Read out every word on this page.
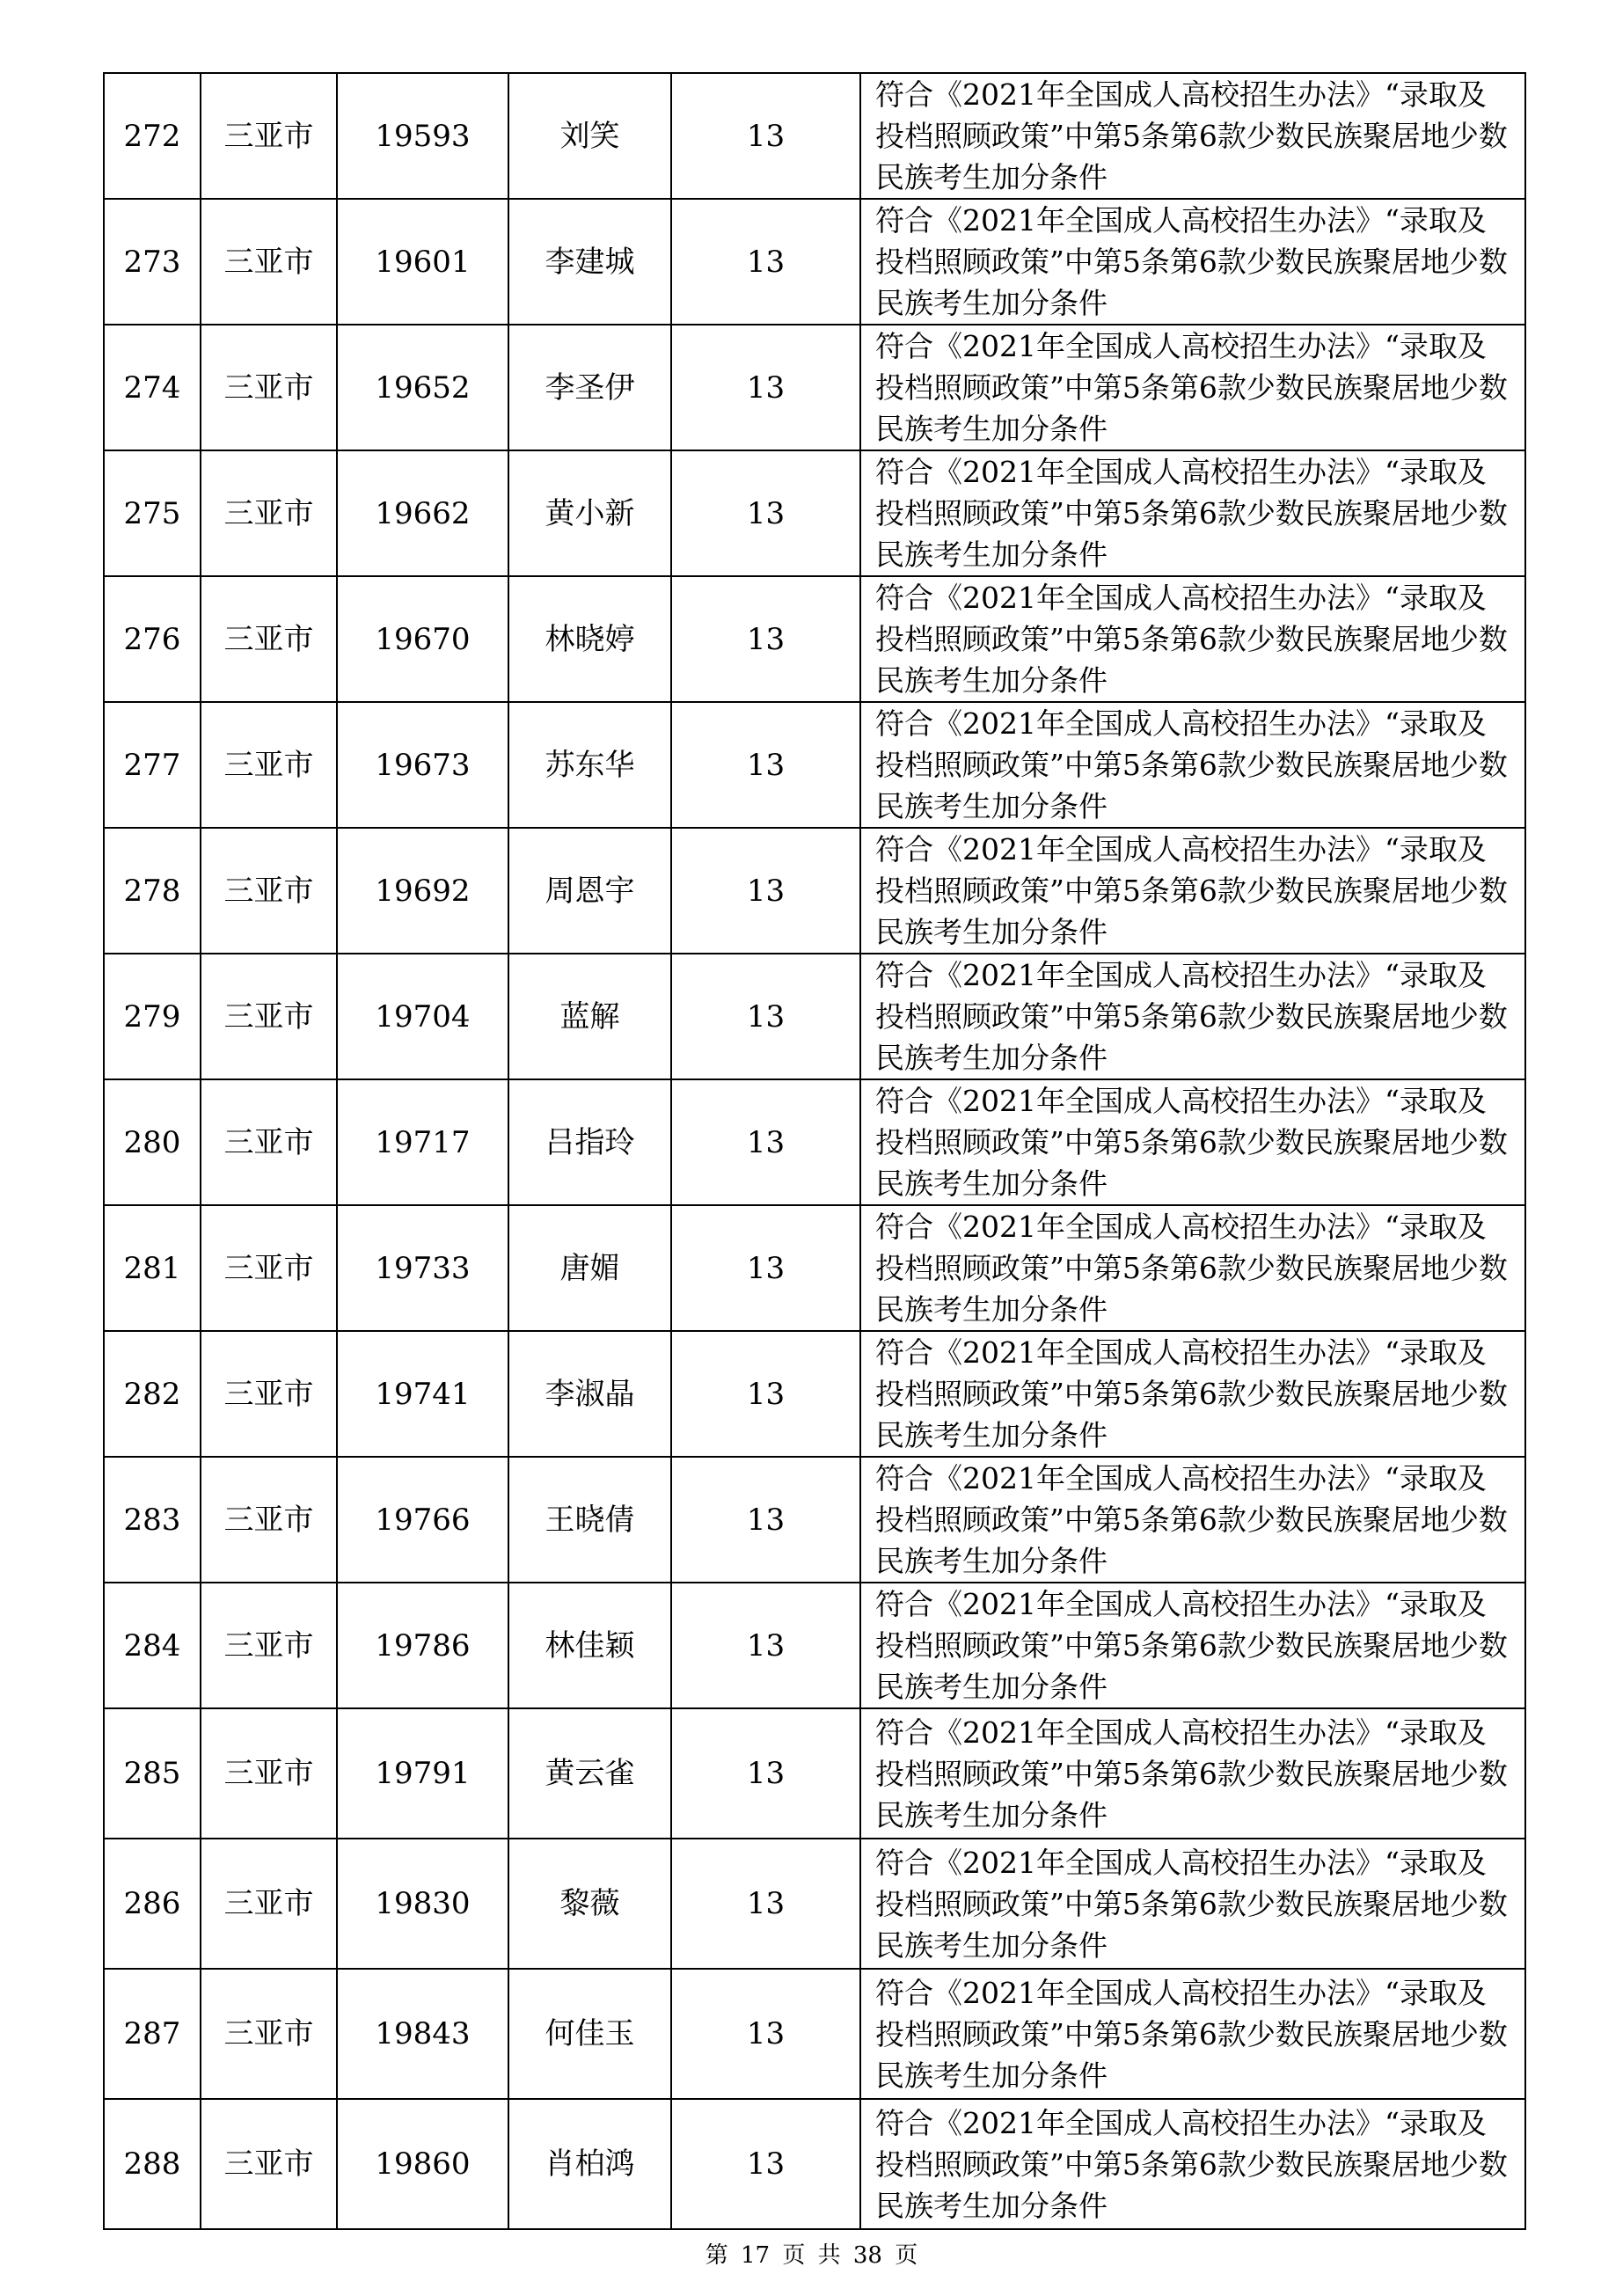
272	三亚市	19593	刘笑	13	符合《2021年全国成人高校招生办法》“录取及投档照顾政策”中第5条第6款少数民族聚居地少数民族考生加分条件
273	三亚市	19601	李建城	13	符合《2021年全国成人高校招生办法》“录取及投档照顾政策”中第5条第6款少数民族聚居地少数民族考生加分条件
274	三亚市	19652	李圣伊	13	符合《2021年全国成人高校招生办法》“录取及投档照顾政策”中第5条第6款少数民族聚居地少数民族考生加分条件
275	三亚市	19662	黄小新	13	符合《2021年全国成人高校招生办法》“录取及投档照顾政策”中第5条第6款少数民族聚居地少数民族考生加分条件
276	三亚市	19670	林晓婷	13	符合《2021年全国成人高校招生办法》“录取及投档照顾政策”中第5条第6款少数民族聚居地少数民族考生加分条件
277	三亚市	19673	苏东华	13	符合《2021年全国成人高校招生办法》“录取及投档照顾政策”中第5条第6款少数民族聚居地少数民族考生加分条件
278	三亚市	19692	周恩宇	13	符合《2021年全国成人高校招生办法》“录取及投档照顾政策”中第5条第6款少数民族聚居地少数民族考生加分条件
279	三亚市	19704	蓝解	13	符合《2021年全国成人高校招生办法》“录取及投档照顾政策”中第5条第6款少数民族聚居地少数民族考生加分条件
280	三亚市	19717	吕指玲	13	符合《2021年全国成人高校招生办法》“录取及投档照顾政策”中第5条第6款少数民族聚居地少数民族考生加分条件
281	三亚市	19733	唐媚	13	符合《2021年全国成人高校招生办法》“录取及投档照顾政策”中第5条第6款少数民族聚居地少数民族考生加分条件
282	三亚市	19741	李淑晶	13	符合《2021年全国成人高校招生办法》“录取及投档照顾政策”中第5条第6款少数民族聚居地少数民族考生加分条件
283	三亚市	19766	王晓倩	13	符合《2021年全国成人高校招生办法》“录取及投档照顾政策”中第5条第6款少数民族聚居地少数民族考生加分条件
284	三亚市	19786	林佳颖	13	符合《2021年全国成人高校招生办法》“录取及投档照顾政策”中第5条第6款少数民族聚居地少数民族考生加分条件
285	三亚市	19791	黄云雀	13	符合《2021年全国成人高校招生办法》“录取及投档照顾政策”中第5条第6款少数民族聚居地少数民族考生加分条件
286	三亚市	19830	黎薇	13	符合《2021年全国成人高校招生办法》“录取及投档照顾政策”中第5条第6款少数民族聚居地少数民族考生加分条件
287	三亚市	19843	何佳玉	13	符合《2021年全国成人高校招生办法》“录取及投档照顾政策”中第5条第6款少数民族聚居地少数民族考生加分条件
288	三亚市	19860	肖柏鸿	13	符合《2021年全国成人高校招生办法》“录取及投档照顾政策”中第5条第6款少数民族聚居地少数民族考生加分条件
第 17 页 共 38 页
